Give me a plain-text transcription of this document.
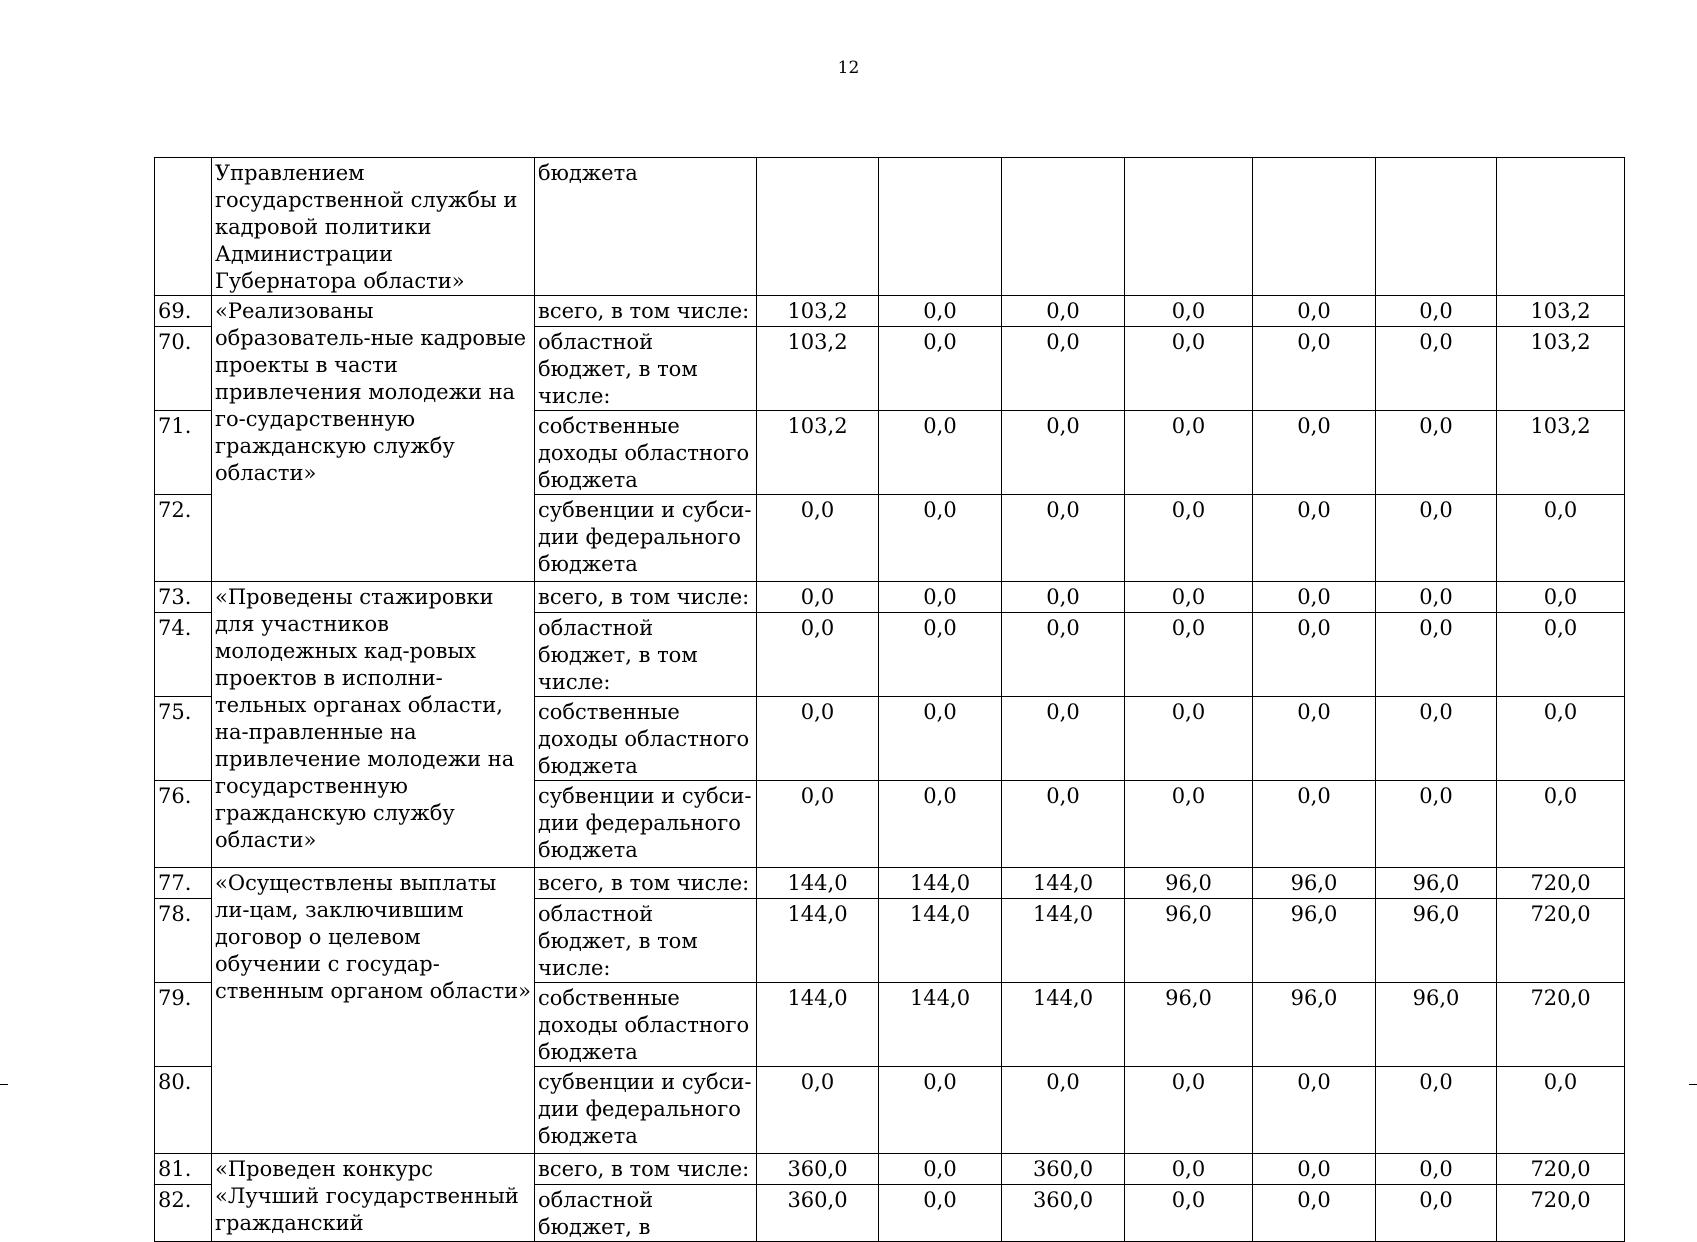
12
	Управлением государственной службы и кадровой политики Администрации Губернатора области»	бюджета							
69.	«Реализованы образователь-ные кадровые проекты в части привлечения молодежи на го-сударственную гражданскую службу области»	всего, в том числе:	103,2	0,0	0,0	0,0	0,0	0,0	103,2
70.		областной бюджет, в том числе:	103,2	0,0	0,0	0,0	0,0	0,0	103,2
71.		собственные доходы областного бюджета	103,2	0,0	0,0	0,0	0,0	0,0	103,2
72.		субвенции и субси-дии федерального бюджета	0,0	0,0	0,0	0,0	0,0	0,0	0,0
73.	«Проведены стажировки для участников молодежных кад-ровых проектов в исполни-тельных органах области, на-правленные на привлечение молодежи на государственную гражданскую службу области»	всего, в том числе:	0,0	0,0	0,0	0,0	0,0	0,0	0,0
74.		областной бюджет, в том числе:	0,0	0,0	0,0	0,0	0,0	0,0	0,0
75.		собственные доходы областного бюджета	0,0	0,0	0,0	0,0	0,0	0,0	0,0
76.		субвенции и субси-дии федерального бюджета	0,0	0,0	0,0	0,0	0,0	0,0	0,0
77.	«Осуществлены выплаты ли-цам, заключившим договор о целевом обучении с государ-ственным органом области»	всего, в том числе:	144,0	144,0	144,0	96,0	96,0	96,0	720,0
78.		областной бюджет, в том числе:	144,0	144,0	144,0	96,0	96,0	96,0	720,0
79.		собственные доходы областного бюджета	144,0	144,0	144,0	96,0	96,0	96,0	720,0
80.		субвенции и субси-дии федерального бюджета	0,0	0,0	0,0	0,0	0,0	0,0	0,0
81.	«Проведен конкурс «Лучший государственный гражданский	всего, в том числе:	360,0	0,0	360,0	0,0	0,0	0,0	720,0
82.		областной бюджет, в	360,0	0,0	360,0	0,0	0,0	0,0	720,0
